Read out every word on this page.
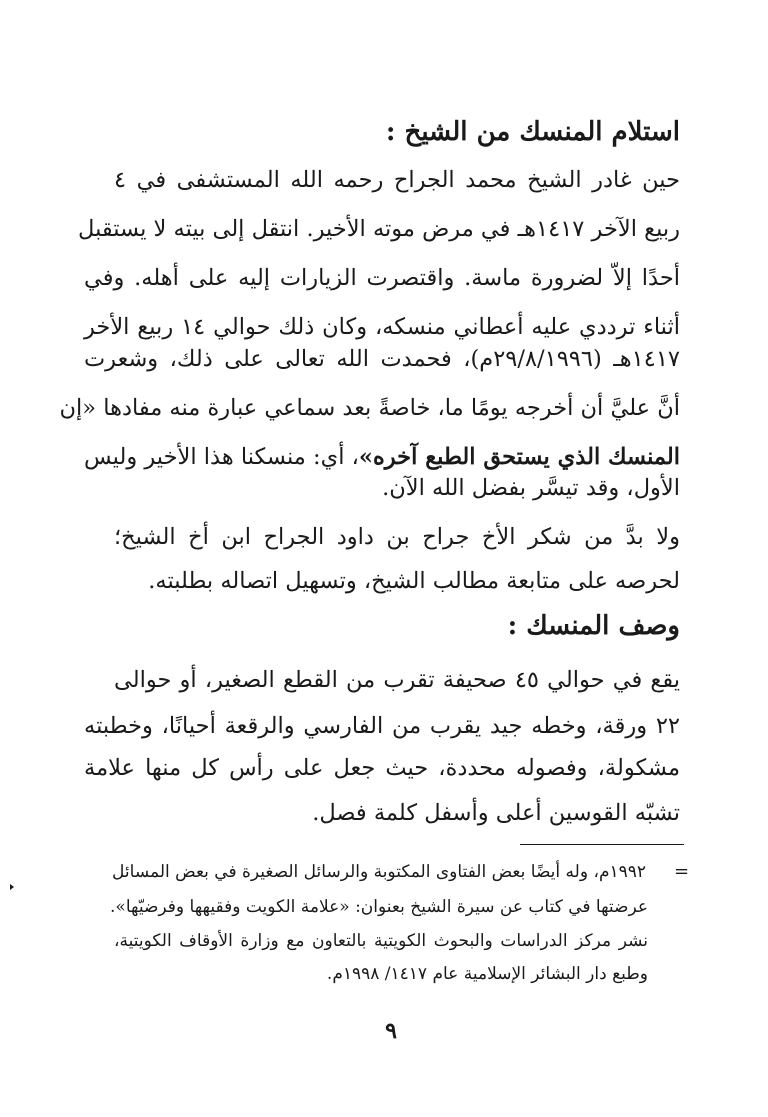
استلام المنسك من الشيخ :
حين غادر الشيخ محمد الجراح رحمه الله المستشفى في ٤
ربيع الآخر ١٤١٧هـ في مرض موته الأخير. انتقل إلى بيته لا يستقبل
أحدًا إلاّ لضرورة ماسة. واقتصرت الزيارات إليه على أهله. وفي
أثناء ترددي عليه أعطاني منسكه، وكان ذلك حوالي ١٤ ربيع الأخر
١٤١٧هـ (٢٩/٨/١٩٩٦م)، فحمدت الله تعالى على ذلك، وشعرت
أنَّ عليَّ أن أخرجه يومًا ما، خاصةً بعد سماعي عبارة منه مفادها «إن
المنسك الذي يستحق الطبع آخره»، أي: منسكنا هذا الأخير وليس
الأول، وقد تيسَّر بفضل الله الآن.
ولا بدَّ من شكر الأخ جراح بن داود الجراح ابن أخ الشيخ؛
لحرصه على متابعة مطالب الشيخ، وتسهيل اتصاله بطلبته.
وصف المنسك :
يقع في حوالي ٤٥ صحيفة تقرب من القطع الصغير، أو حوالى
٢٢ ورقة، وخطه جيد يقرب من الفارسي والرقعة أحيانًا، وخطبته
مشكولة، وفصوله محددة، حيث جعل على رأس كل منها علامة
تشبّه القوسين أعلى وأسفل كلمة فصل.
=
١٩٩٢م، وله أيضًا بعض الفتاوى المكتوبة والرسائل الصغيرة في بعض المسائل
عرضتها في كتاب عن سيرة الشيخ بعنوان: «علامة الكويت وفقيهها وفرضيّها».
نشر مركز الدراسات والبحوث الكويتية بالتعاون مع وزارة الأوقاف الكويتية،
وطبع دار البشائر الإسلامية عام ١٤١٧/ ١٩٩٨م.
٩
